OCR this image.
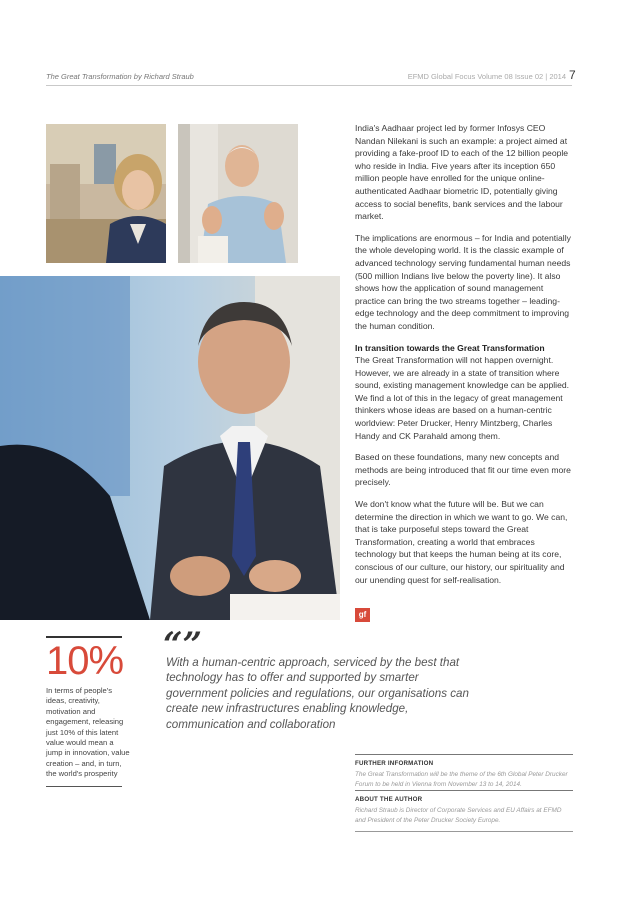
The Great Transformation by Richard Straub	EFMD Global Focus Volume 08 Issue 02 | 2014 7

India's Aadhaar project led by former Infosys CEO Nandan Nilekani is such an example: a project aimed at providing a fake-proof ID to each of the 12 billion people who reside in India. Five years after its inception 650 million people have enrolled for the unique online-authenticated Aadhaar biometric ID, potentially giving access to social benefits, bank services and the labour market.

The implications are enormous – for India and potentially the whole developing world. It is the classic example of advanced technology serving fundamental human needs (500 million Indians live below the poverty line). It also shows how the application of sound management practice can bring the two streams together – leading-edge technology and the deep commitment to improving the human condition.

In transition towards the Great Transformation

The Great Transformation will not happen overnight. However, we are already in a state of transition where sound, existing management knowledge can be applied. We find a lot of this in the legacy of great management thinkers whose ideas are based on a human-centric worldview: Peter Drucker, Henry Mintzberg, Charles Handy and CK Parahald among them.

Based on these foundations, many new concepts and methods are being introduced that fit our time even more precisely.

We don't know what the future will be. But we can determine the direction in which we want to go. We can, that is take purposeful steps toward the Great Transformation, creating a world that embraces technology but that keeps the human being at its core, conscious of our culture, our history, our spirituality and our unending quest for self-realisation.

gf
10%
In terms of people's ideas, creativity, motivation and engagement, releasing just 10% of this latent value would mean a jump in innovation, value creation – and, in turn, the world's prosperity
“”
With a human-centric approach, serviced by the best that technology has to offer and supported by smarter government policies and regulations, our organisations can create new infrastructures enabling knowledge, communication and collaboration
FURTHER INFORMATION
The Great Transformation will be the theme of the 6th Global Peter Drucker Forum to be held in Vienna from November 13 to 14, 2014.
ABOUT THE AUTHOR
Richard Straub is Director of Corporate Services and EU Affairs at EFMD and President of the Peter Drucker Society Europe.
